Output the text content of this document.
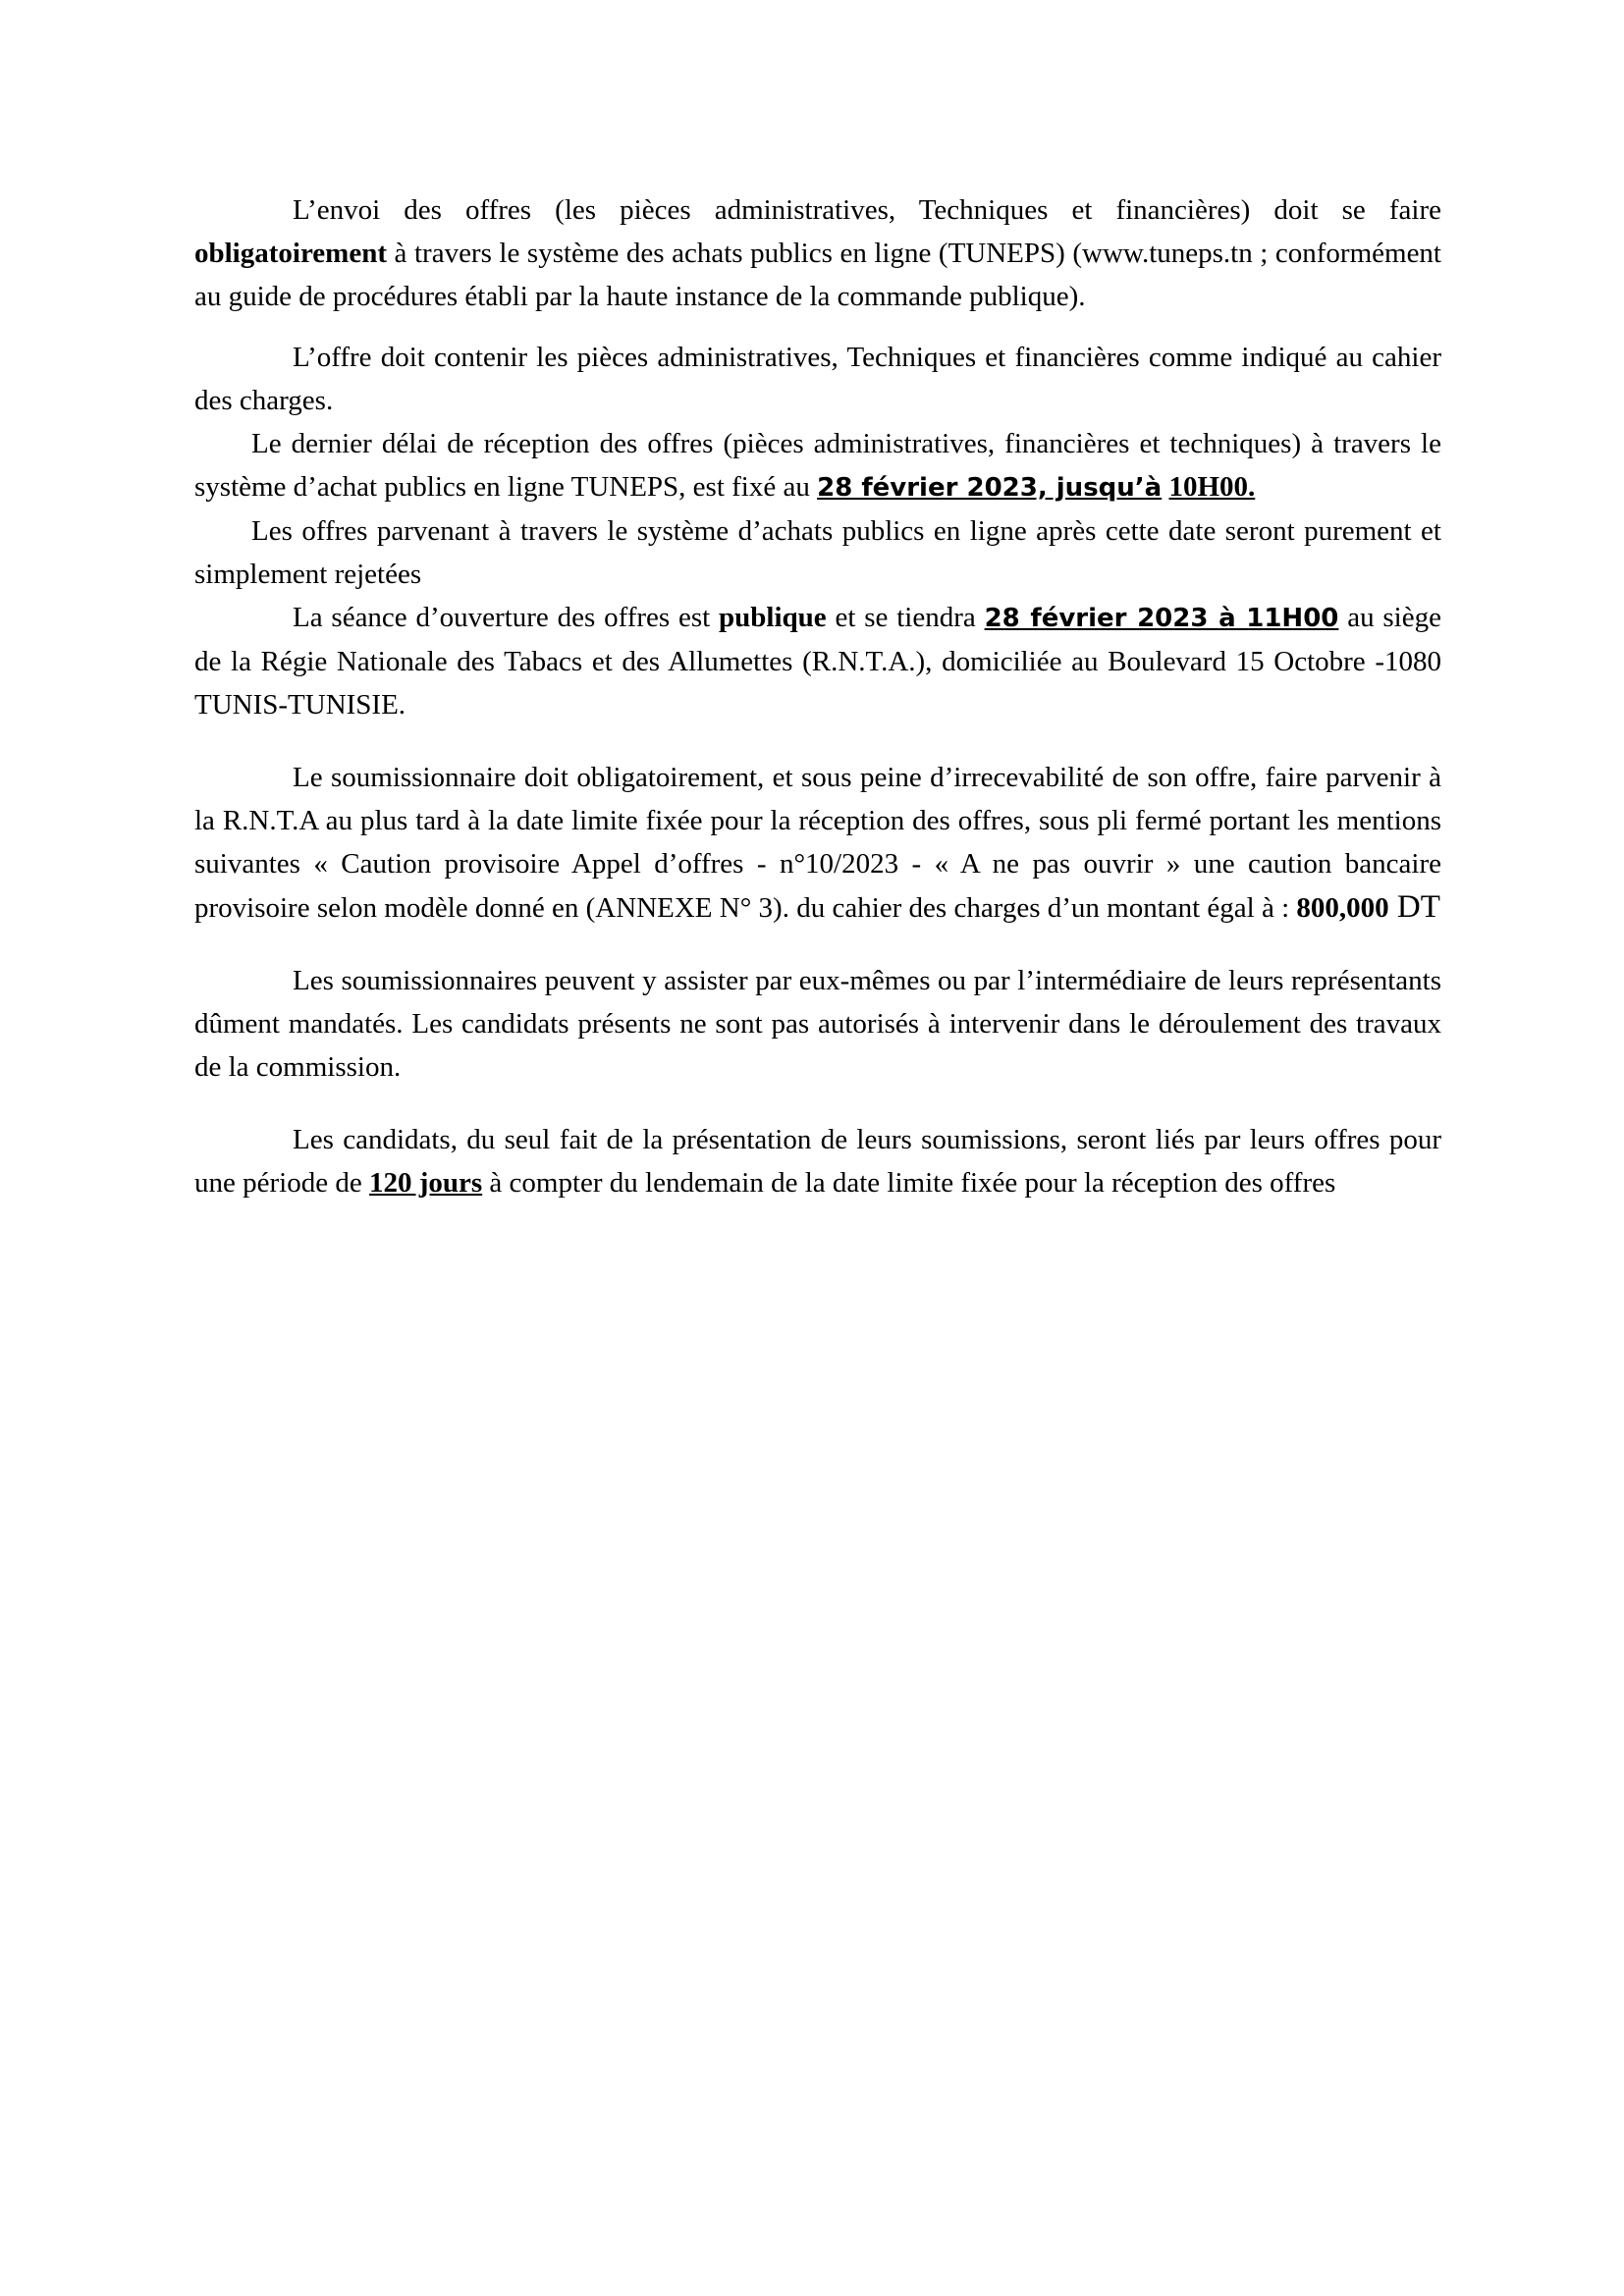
L’envoi des offres (les pièces administratives, Techniques et financières) doit se faire obligatoirement à travers le système des achats publics en ligne (TUNEPS) (www.tuneps.tn ; conformément au guide de procédures établi par la haute instance de la commande publique).

L’offre doit contenir les pièces administratives, Techniques et financières comme indiqué au cahier des charges.

Le dernier délai de réception des offres (pièces administratives, financières et techniques) à travers le système d’achat publics en ligne TUNEPS, est fixé au 28 février 2023, jusqu’à 10H00.

Les offres parvenant à travers le système d’achats publics en ligne après cette date seront purement et simplement rejetées

La séance d’ouverture des offres est publique et se tiendra 28 février 2023 à 11H00 au siège de la Régie Nationale des Tabacs et des Allumettes (R.N.T.A.), domiciliée au Boulevard 15 Octobre -1080 TUNIS-TUNISIE.

Le soumissionnaire doit obligatoirement, et sous peine d’irrecevabilité de son offre, faire parvenir à la R.N.T.A au plus tard à la date limite fixée pour la réception des offres, sous pli fermé portant les mentions suivantes « Caution provisoire Appel d’offres - n°10/2023 - « A ne pas ouvrir » une caution bancaire provisoire selon modèle donné en (ANNEXE N° 3). du cahier des charges d’un montant égal à : 800,000 DT

Les soumissionnaires peuvent y assister par eux-mêmes ou par l’intermédiaire de leurs représentants dûment mandatés. Les candidats présents ne sont pas autorisés à intervenir dans le déroulement des travaux de la commission.

Les candidats, du seul fait de la présentation de leurs soumissions, seront liés par leurs offres pour une période de 120 jours à compter du lendemain de la date limite fixée pour la réception des offres
